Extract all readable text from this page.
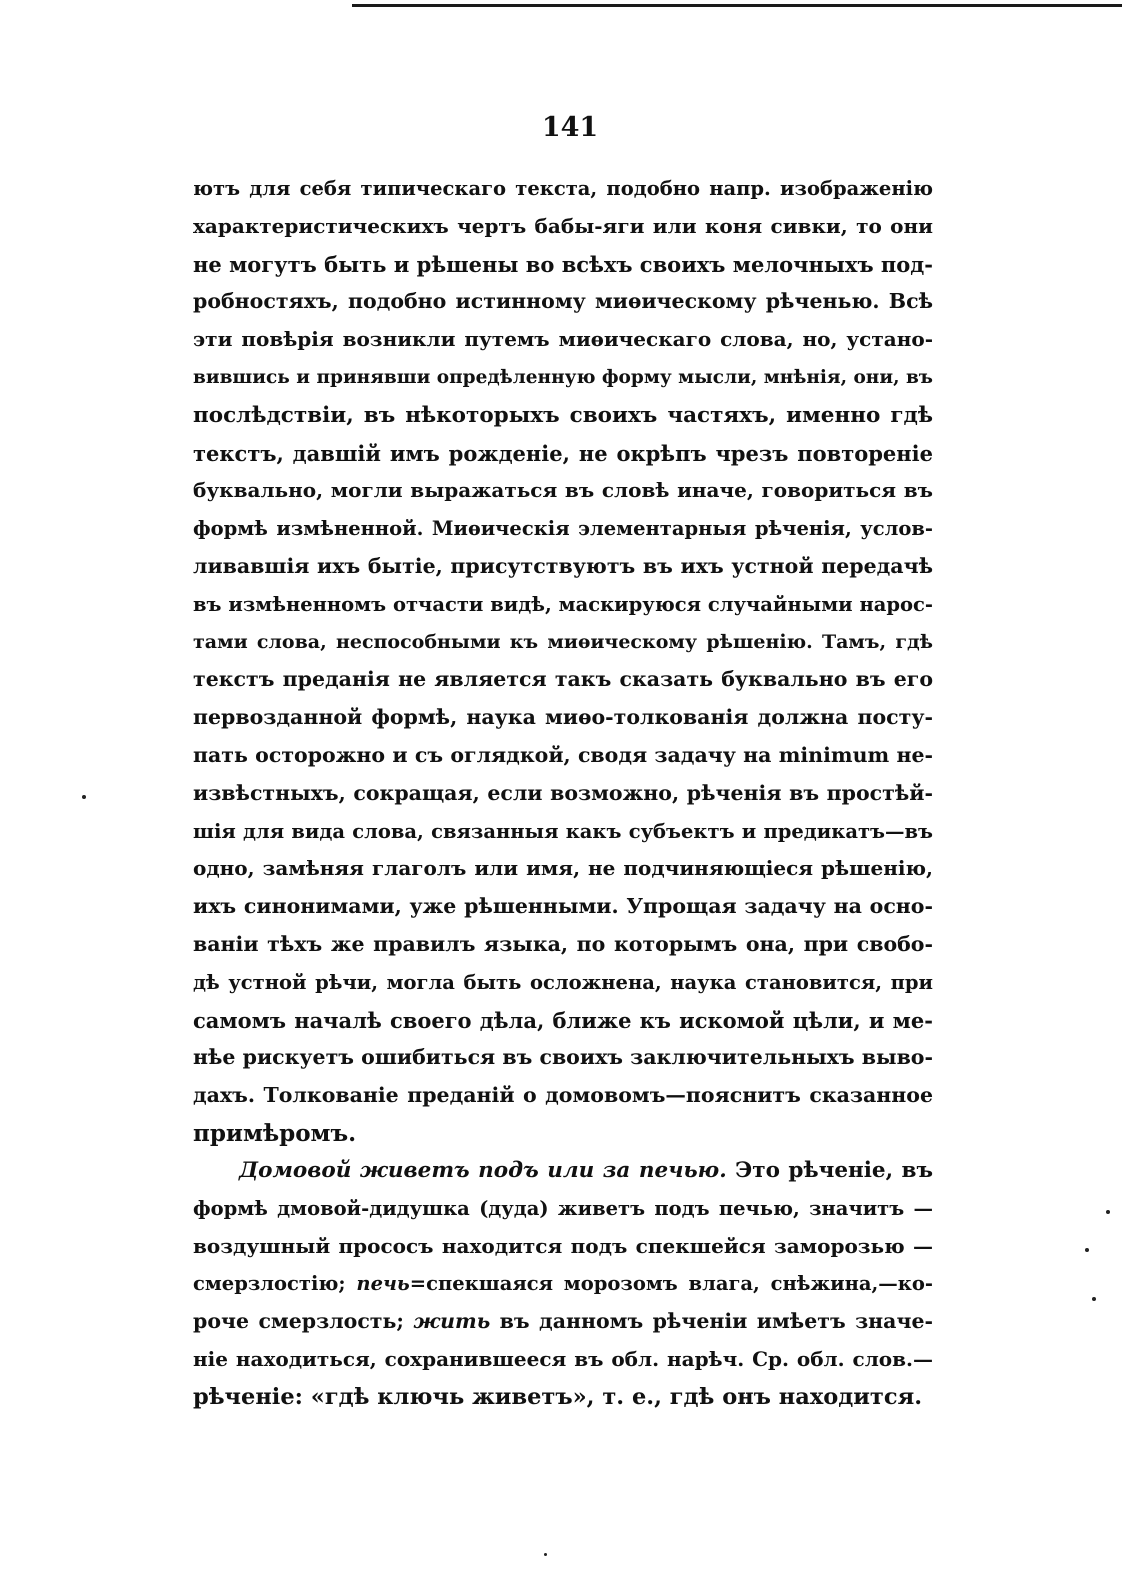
141
ютъ для себя типическаго текста, подобно напр. изображенію
характеристическихъ чертъ бабы-яги или коня сивки, то они
не могутъ быть и рѣшены во всѣхъ своихъ мелочныхъ под-
робностяхъ, подобно истинному миѳическому рѣченью. Всѣ
эти повѣрія возникли путемъ миѳическаго слова, но, устано-
вившись и принявши опредѣленную форму мысли, мнѣнія, они, въ
послѣдствіи, въ нѣкоторыхъ своихъ частяхъ, именно гдѣ
текстъ, давшій имъ рожденіе, не окрѣпъ чрезъ повтореніе
буквально, могли выражаться въ словѣ иначе, говориться въ
формѣ измѣненной. Миѳическія элементарныя рѣченія, услов-
ливавшія ихъ бытіе, присутствуютъ въ ихъ устной передачѣ
въ измѣненномъ отчасти видѣ, маскируюся случайными нарос-
тами слова, неспособными къ миѳическому рѣшенію. Тамъ, гдѣ
текстъ преданія не является такъ сказать буквально въ его
первозданной формѣ, наука миѳо-толкованія должна посту-
пать осторожно и съ оглядкой, сводя задачу на minimum не-
извѣстныхъ, сокращая, если возможно, рѣченія въ простѣй-
шія для вида слова, связанныя какъ субъектъ и предикатъ—въ
одно, замѣняя глаголъ или имя, не подчиняющіеся рѣшенію,
ихъ синонимами, уже рѣшенными. Упрощая задачу на осно-
ваніи тѣхъ же правилъ языка, по которымъ она, при свобо-
дѣ устной рѣчи, могла быть осложнена, наука становится, при
самомъ началѣ своего дѣла, ближе къ искомой цѣли, и ме-
нѣе рискуетъ ошибиться въ своихъ заключительныхъ выво-
дахъ. Толкованіе преданій о домовомъ—пояснитъ сказанное
примѣромъ.
Домовой живетъ подъ или за печью. Это рѣченіе, въ
формѣ дмовой-дидушка (дуда) живетъ подъ печью, значитъ —
воздушный просоcъ находится подъ спекшейся заморозью —
смерзлостію; печь=спекшаяся морозомъ влага, снѣжина,—ко-
роче смерзлость; жить въ данномъ рѣченіи имѣетъ значе-
ніе находиться, сохранившееся въ обл. нарѣч. Ср. обл. слов.—
рѣченіе: «гдѣ ключь живетъ», т. е., гдѣ онъ находится.
